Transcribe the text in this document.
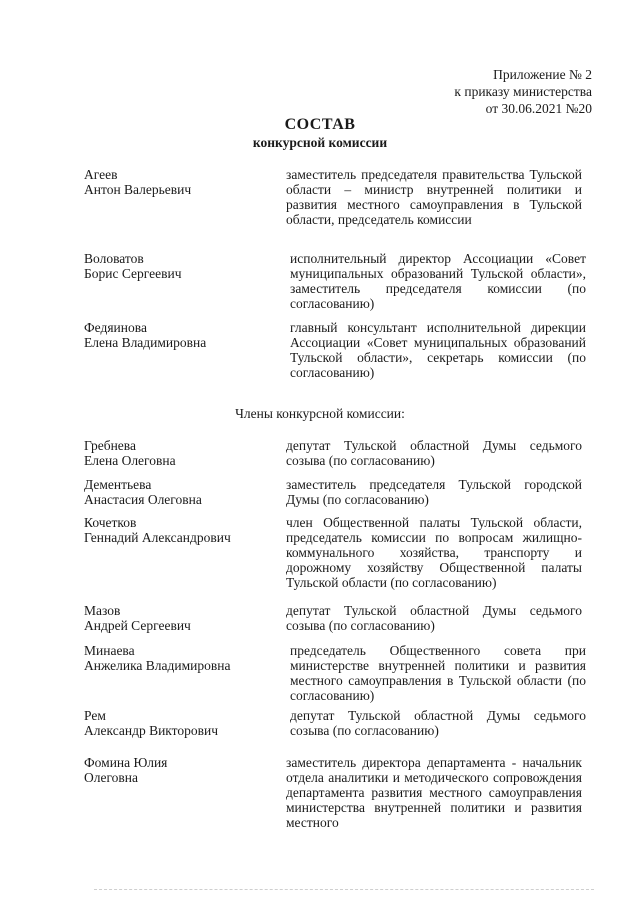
Приложение № 2
к приказу министерства
от 30.06.2021 №20
СОСТАВ
конкурсной комиссии
Агеев
Антон Валерьевич
заместитель председателя правительства Тульской области – министр внутренней политики и развития местного самоуправления в Тульской области, председатель комиссии
Воловатов
Борис Сергеевич
исполнительный директор Ассоциации «Совет муниципальных образований Тульской области», заместитель председателя комиссии (по согласованию)
Федяинова
Елена Владимировна
главный консультант исполнительной дирекции Ассоциации «Совет муниципальных образований Тульской области», секретарь комиссии (по согласованию)
Члены конкурсной комиссии:
Гребнева
Елена Олеговна
депутат Тульской областной Думы седьмого созыва (по согласованию)
Дементьева
Анастасия Олеговна
заместитель председателя Тульской городской Думы (по согласованию)
Кочетков
Геннадий Александрович
член Общественной палаты Тульской области, председатель комиссии по вопросам жилищно-коммунального хозяйства, транспорту и дорожному хозяйству Общественной палаты Тульской области (по согласованию)
Мазов
Андрей Сергеевич
депутат Тульской областной Думы седьмого созыва (по согласованию)
Минаева
Анжелика Владимировна
председатель Общественного совета при министерстве внутренней политики и развития местного самоуправления в Тульской области (по согласованию)
Рем
Александр Викторович
депутат Тульской областной Думы седьмого созыва (по согласованию)
Фомина Юлия
Олеговна
заместитель директора департамента - начальник отдела аналитики и методического сопровождения департамента развития местного самоуправления министерства внутренней политики и развития местного
